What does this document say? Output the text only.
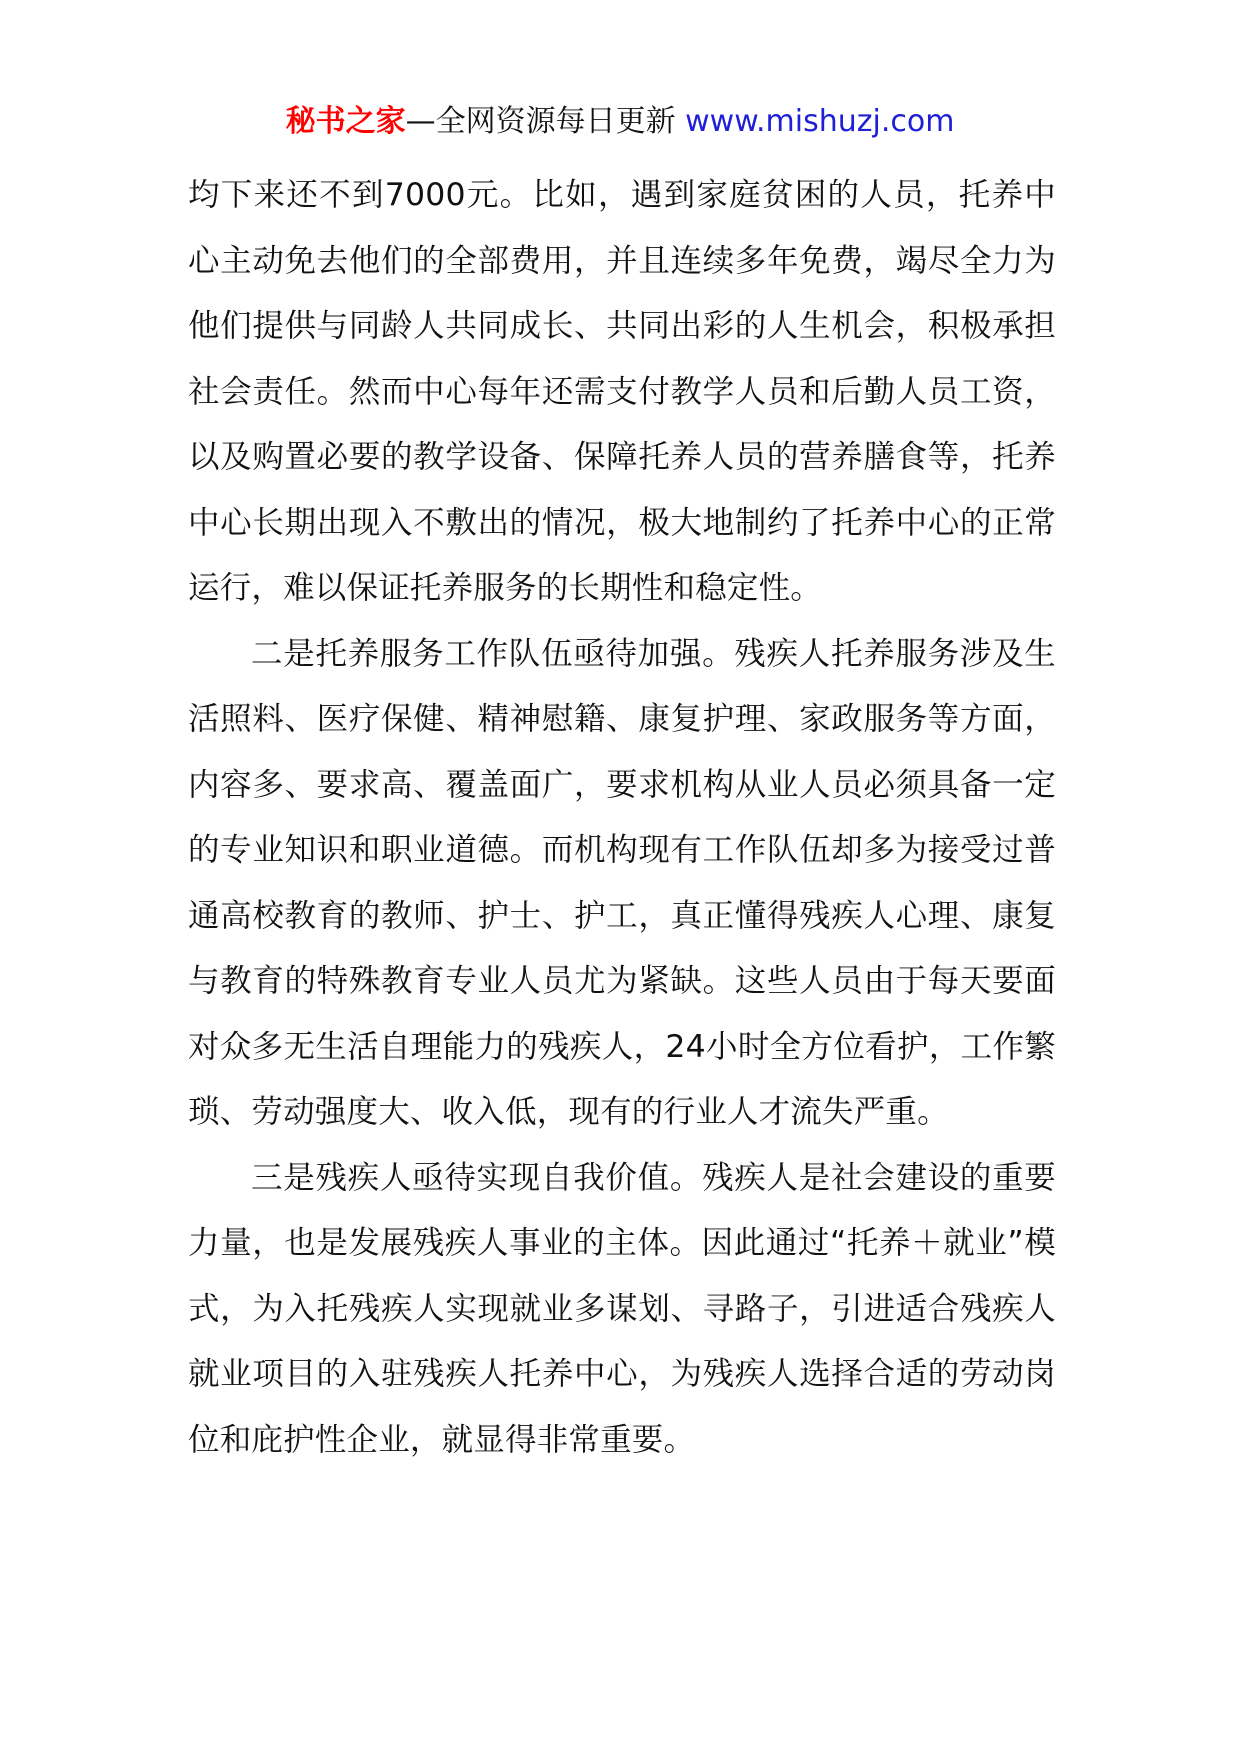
秘书之家—全网资源每日更新 www.mishuzj.com

均下来还不到7000元。比如，遇到家庭贫困的人员，托养中心主动免去他们的全部费用，并且连续多年免费，竭尽全力为他们提供与同龄人共同成长、共同出彩的人生机会，积极承担社会责任。然而中心每年还需支付教学人员和后勤人员工资，以及购置必要的教学设备、保障托养人员的营养膳食等，托养中心长期出现入不敷出的情况，极大地制约了托养中心的正常运行，难以保证托养服务的长期性和稳定性。

二是托养服务工作队伍亟待加强。残疾人托养服务涉及生活照料、医疗保健、精神慰籍、康复护理、家政服务等方面，内容多、要求高、覆盖面广，要求机构从业人员必须具备一定的专业知识和职业道德。而机构现有工作队伍却多为接受过普通高校教育的教师、护士、护工，真正懂得残疾人心理、康复与教育的特殊教育专业人员尤为紧缺。这些人员由于每天要面对众多无生活自理能力的残疾人，24小时全方位看护，工作繁琐、劳动强度大、收入低，现有的行业人才流失严重。

三是残疾人亟待实现自我价值。残疾人是社会建设的重要力量，也是发展残疾人事业的主体。因此通过“托养＋就业”模式，为入托残疾人实现就业多谋划、寻路子，引进适合残疾人就业项目的入驻残疾人托养中心，为残疾人选择合适的劳动岗位和庇护性企业，就显得非常重要。
